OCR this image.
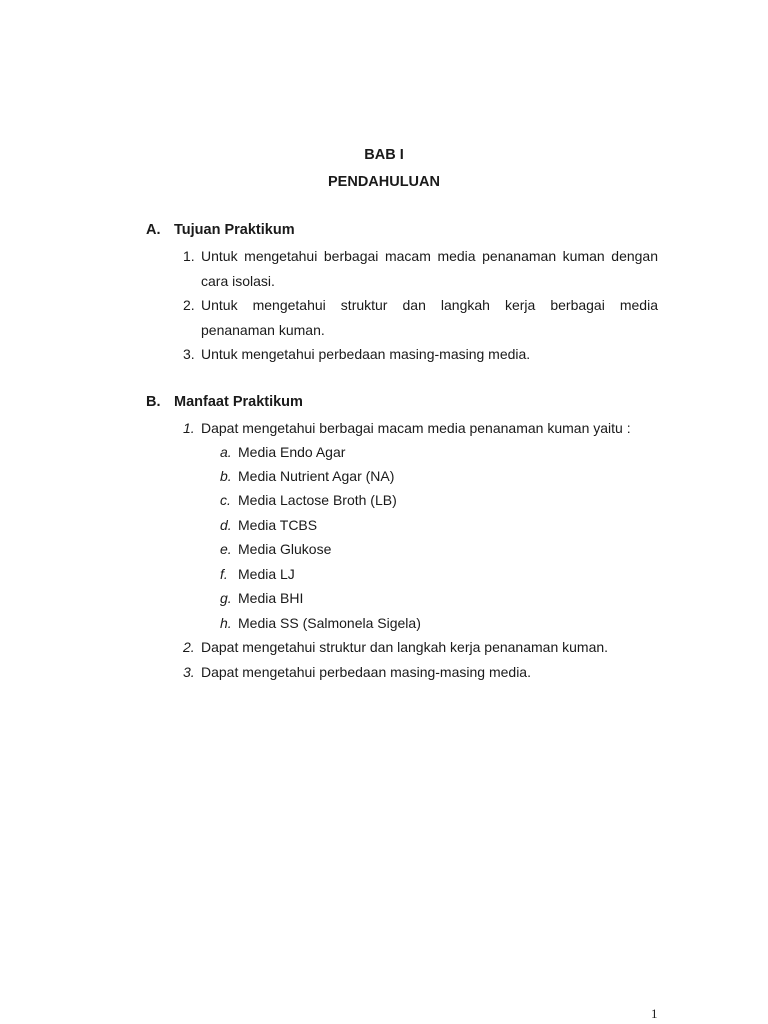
BAB I
PENDAHULUAN
A. Tujuan Praktikum
1. Untuk mengetahui berbagai macam media penanaman kuman dengan
cara isolasi.
2. Untuk mengetahui struktur dan langkah kerja berbagai media
penanaman kuman.
3. Untuk mengetahui perbedaan masing-masing media.
B. Manfaat Praktikum
1. Dapat mengetahui berbagai macam media penanaman kuman yaitu :
a. Media Endo Agar
b. Media Nutrient Agar (NA)
c. Media Lactose Broth (LB)
d. Media TCBS
e. Media Glukose
f. Media LJ
g. Media BHI
h. Media SS (Salmonela Sigela)
2. Dapat mengetahui struktur dan langkah kerja penanaman kuman.
3. Dapat mengetahui perbedaan masing-masing media.
1
